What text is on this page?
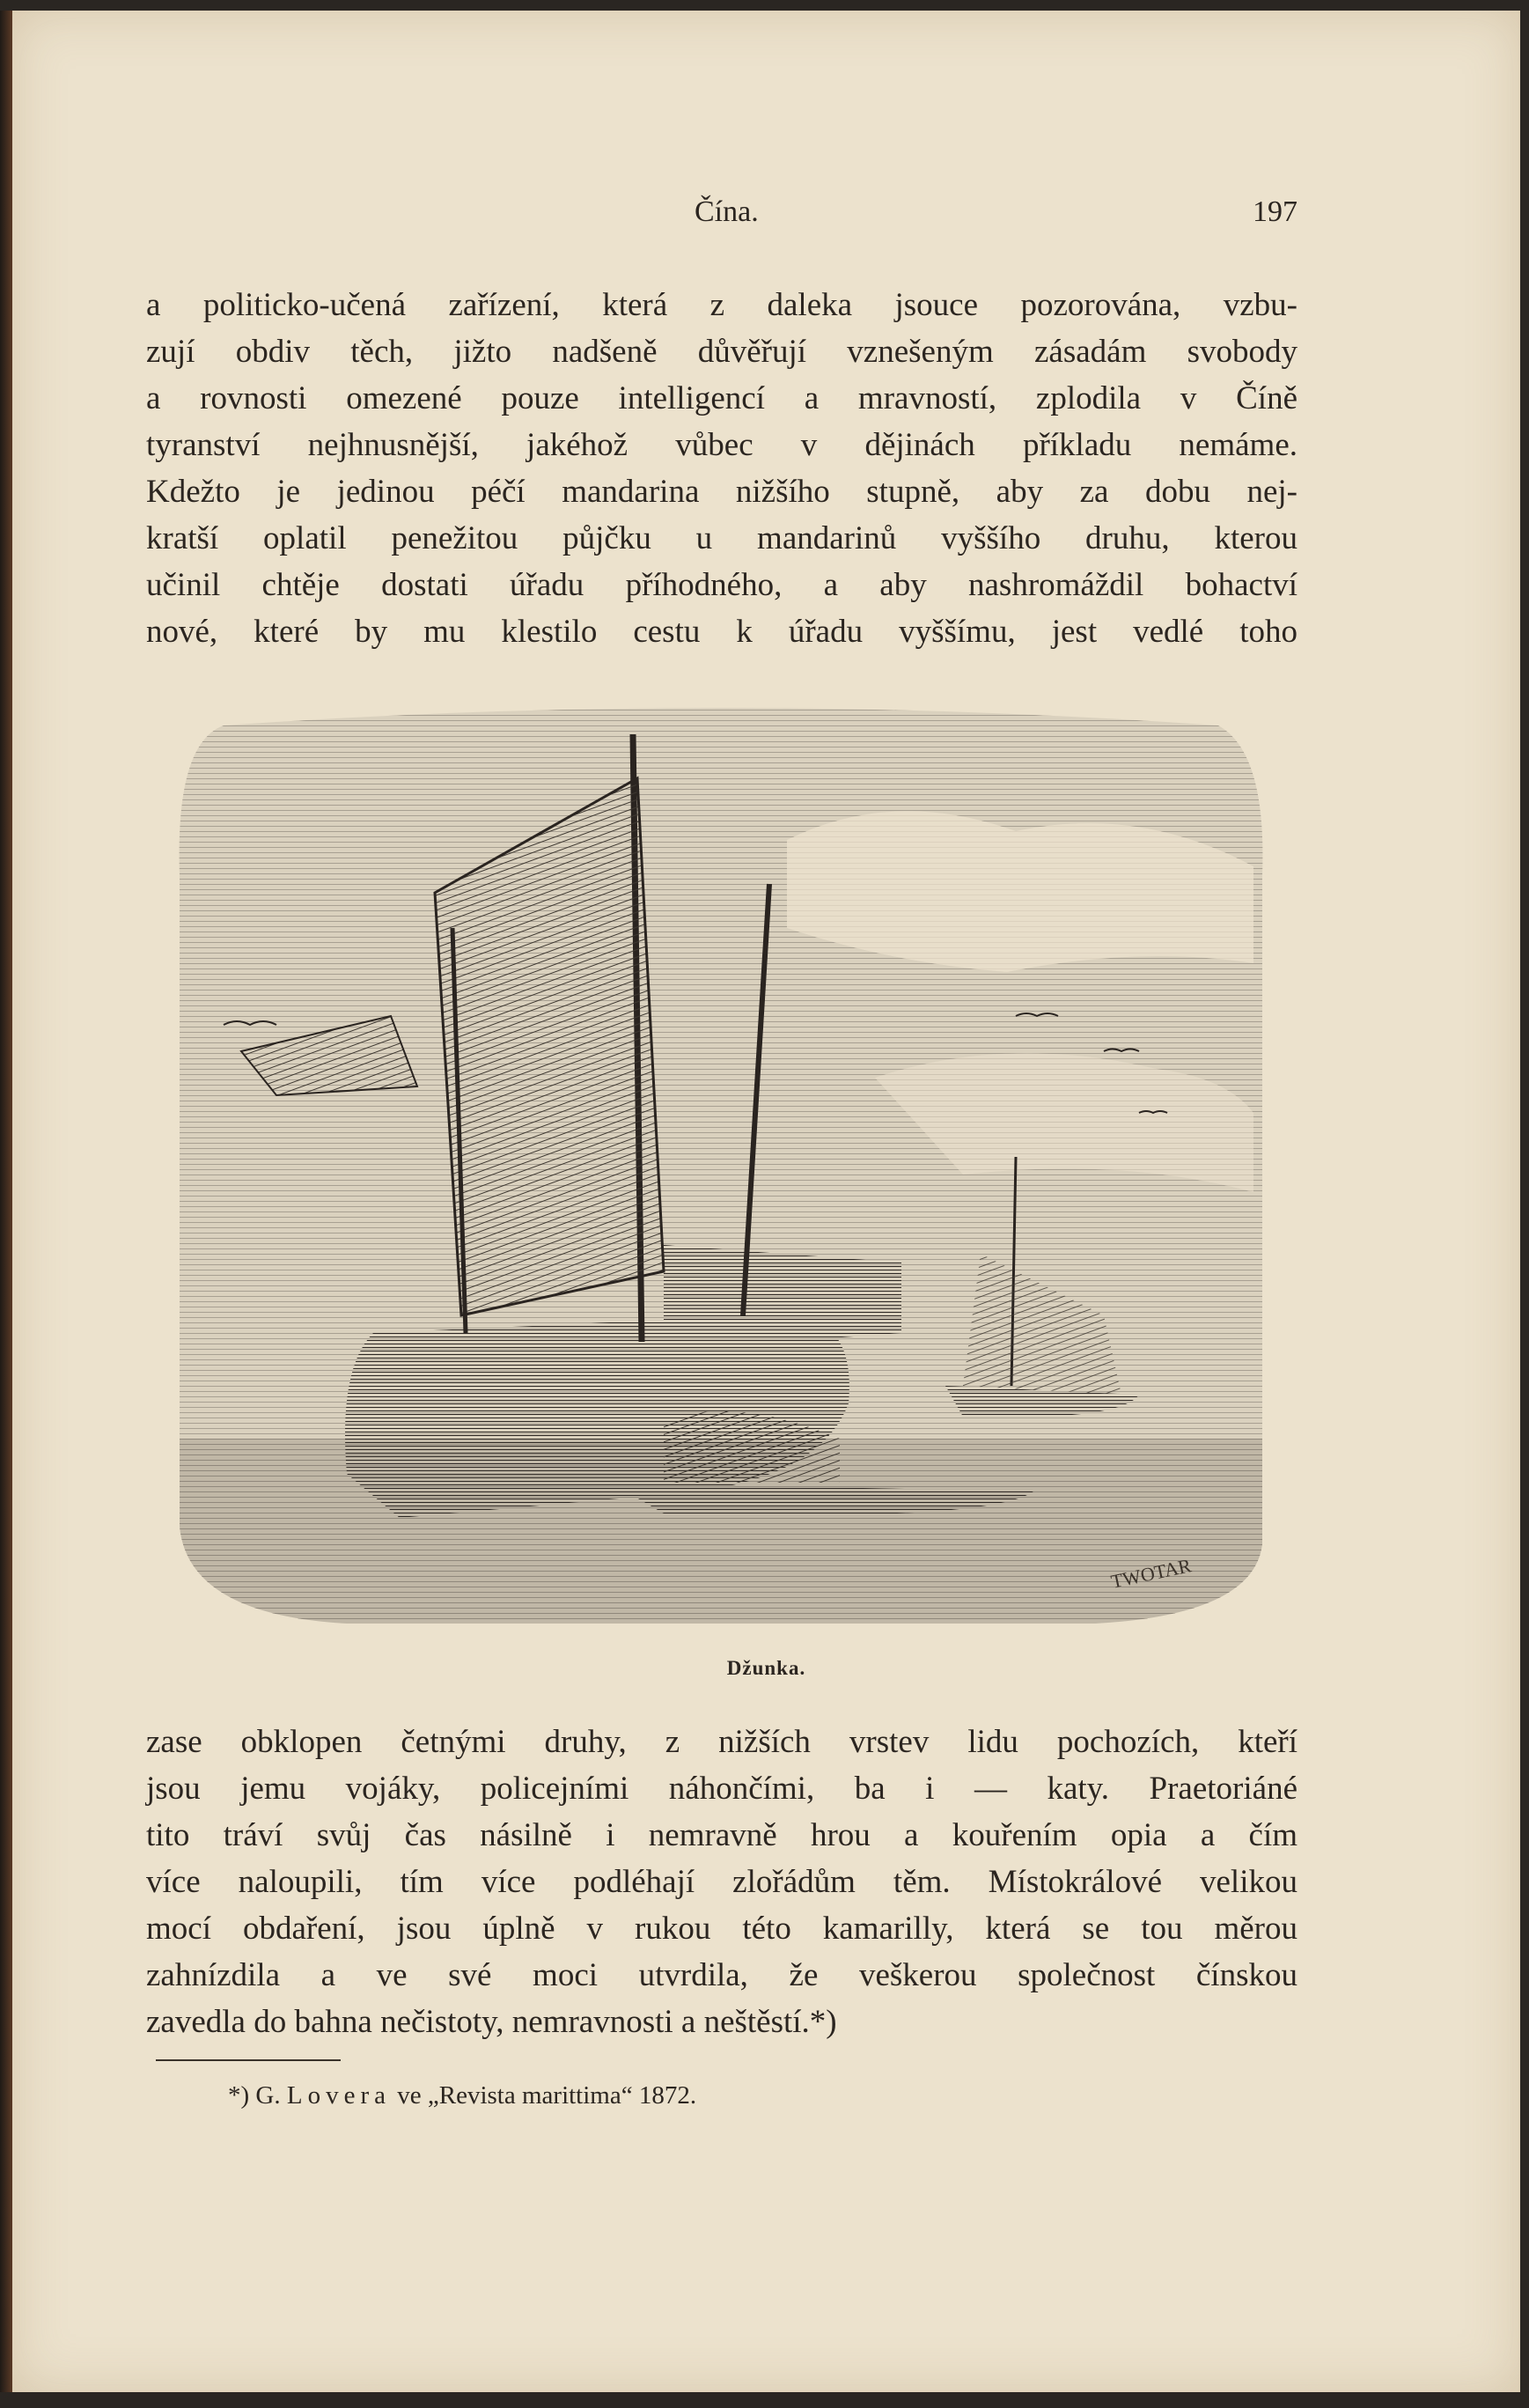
Čína.	197
a politicko-učená zařízení, která z daleka jsouce pozorována, vzbu-
zují obdiv těch, jižto nadšeně důvěřují vznešeným zásadám svobody
a rovnosti omezené pouze intelligencí a mravností, zplodila v Číně
tyranství nejhnusnější, jakéhož vůbec v dějinách příkladu nemáme.
Kdežto je jedinou péčí mandarina nižšího stupně, aby za dobu nej-
kratší oplatil penežitou půjčku u mandarinů vyššího druhu, kterou
učinil chtěje dostati úřadu příhodného, a aby nashromáždil bohactví
nové, které by mu klestilo cestu k úřadu vyššímu, jest vedlé toho
TWOTAR
Džunka.
zase obklopen četnými druhy, z nižších vrstev lidu pochozích, kteří
jsou jemu vojáky, policejními náhončími, ba i — katy. Praetoriáné
tito tráví svůj čas násilně i nemravně hrou a kouřením opia a čím
více naloupili, tím více podléhají zlořádům těm. Místokrálové velikou
mocí obdaření, jsou úplně v rukou této kamarilly, která se tou měrou
zahnízdila a ve své moci utvrdila, že veškerou společnost čínskou
zavedla do bahna nečistoty, nemravnosti a neštěstí.*)
*) G. Lovera ve „Revista marittima“ 1872.
